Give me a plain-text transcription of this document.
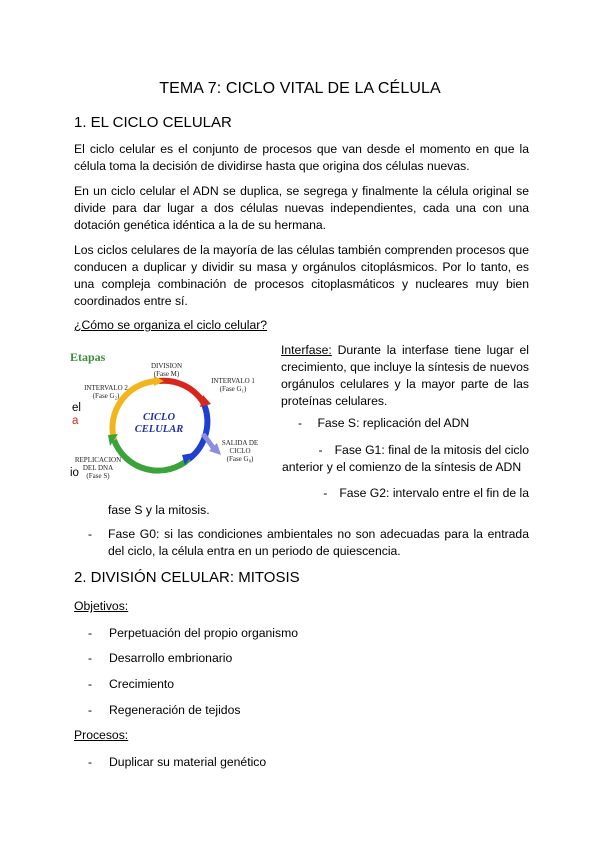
TEMA 7: CICLO VITAL DE LA CÉLULA
1. EL CICLO CELULAR
El ciclo celular es el conjunto de procesos que van desde el momento en que la
célula toma la decisión de dividirse hasta que origina dos células nuevas.
En un ciclo celular el ADN se duplica, se segrega y finalmente la célula original se
divide para dar lugar a dos células nuevas independientes, cada una con una
dotación genética idéntica a la de su hermana.
Los ciclos celulares de la mayoría de las células también comprenden procesos que
conducen a duplicar y dividir su masa y orgánulos citoplásmicos. Por lo tanto, es
una compleja combinación de procesos citoplasmáticos y nucleares muy bien
coordinados entre sí.
¿Cómo se organiza el ciclo celular?
Etapas
CICLO
CELULAR
DIVISION
(Fase M)
INTERVALO 2
(Fase G₂)
INTERVALO 1
(Fase G₁)
SALIDA DE
CICLO
(Fase G₀)
REPLICACION
DEL DNA
(Fase S)
el
a
io
Interfase: Durante la interfase tiene lugar el
crecimiento, que incluye la síntesis de nuevos
orgánulos celulares y la mayor parte de las
proteínas celulares.
- Fase S: replicación del ADN
- Fase G1: final de la mitosis del ciclo
anterior y el comienzo de la síntesis de ADN
- Fase G2: intervalo entre el fin de la
fase S y la mitosis.
- Fase G0: si las condiciones ambientales no son adecuadas para la entrada
del ciclo, la célula entra en un periodo de quiescencia.
2. DIVISIÓN CELULAR: MITOSIS
Objetivos:
- Perpetuación del propio organismo
- Desarrollo embrionario
- Crecimiento
- Regeneración de tejidos
Procesos:
- Duplicar su material genético
